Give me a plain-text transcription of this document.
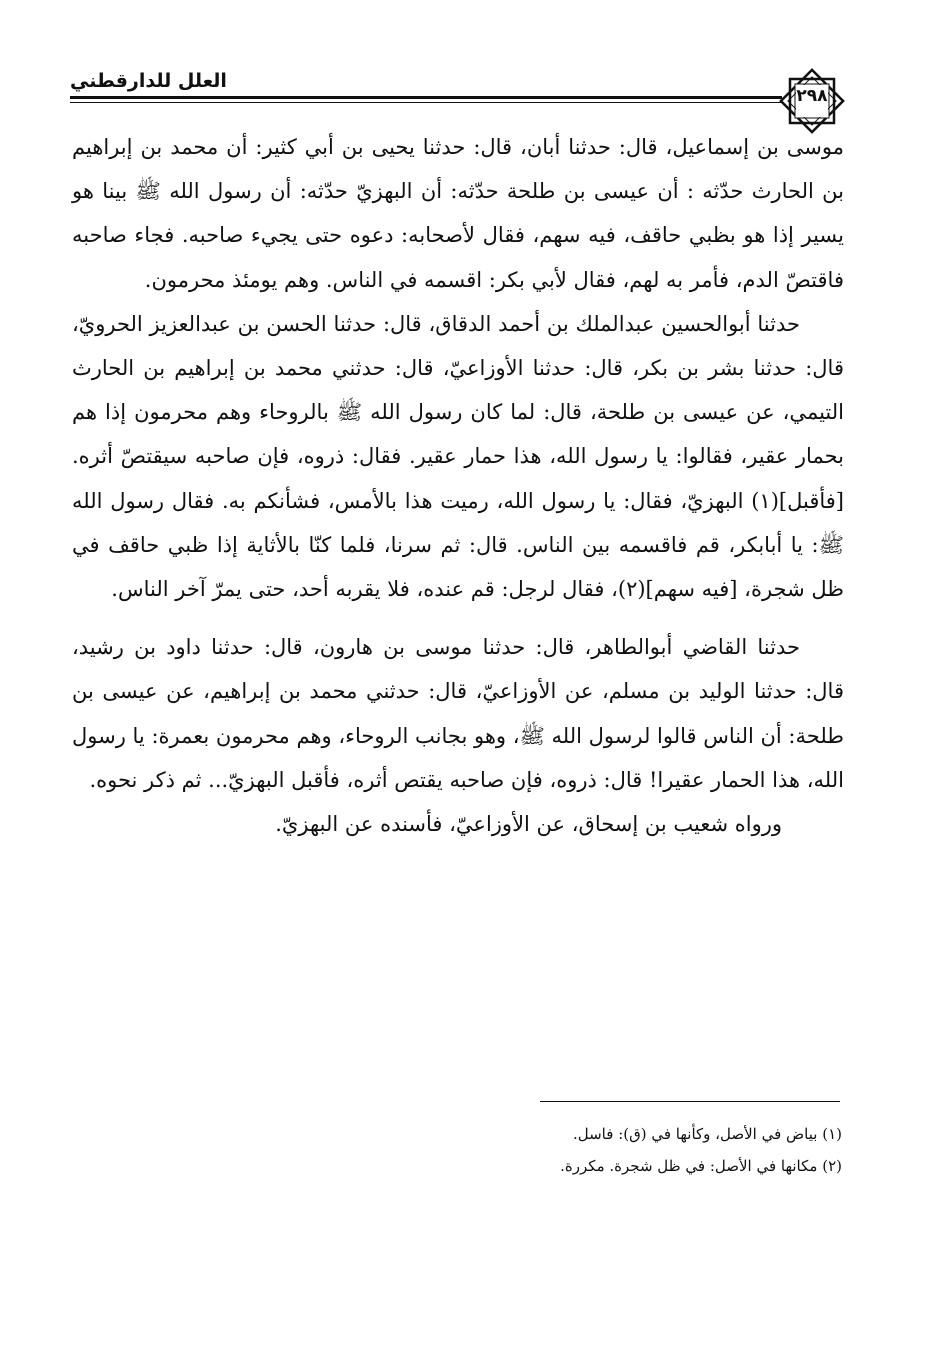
العلل للدارقطني
٢٩٨

موسى بن إسماعيل، قال: حدثنا أبان، قال: حدثنا يحيى بن أبي كثير: أن محمد بن إبراهيم بن الحارث حدّثه : أن عيسى بن طلحة حدّثه: أن البهزيّ حدّثه: أن رسول الله ﷺ بينا هو يسير إذا هو بظبي حاقف، فيه سهم، فقال لأصحابه: دعوه حتى يجيء صاحبه. فجاء صاحبه فاقتصّ الدم، فأمر به لهم، فقال لأبي بكر: اقسمه في الناس. وهم يومئذ محرمون.

حدثنا أبوالحسين عبدالملك بن أحمد الدقاق، قال: حدثنا الحسن بن عبدالعزيز الحرويّ، قال: حدثنا بشر بن بكر، قال: حدثنا الأوزاعيّ، قال: حدثني محمد بن إبراهيم بن الحارث التيمي، عن عيسى بن طلحة، قال: لما كان رسول الله ﷺ بالروحاء وهم محرمون إذا هم بحمار عقير، فقالوا: يا رسول الله، هذا حمار عقير. فقال: ذروه، فإن صاحبه سيقتصّ أثره. [فأقبل](١) البهزيّ، فقال: يا رسول الله، رميت هذا بالأمس، فشأنكم به. فقال رسول الله ﷺ: يا أبابكر، قم فاقسمه بين الناس. قال: ثم سرنا، فلما كنّا بالأثاية إذا ظبي حاقف في ظل شجرة، [فيه سهم](٢)، فقال لرجل: قم عنده، فلا يقربه أحد، حتى يمرّ آخر الناس.

حدثنا القاضي أبوالطاهر، قال: حدثنا موسى بن هارون، قال: حدثنا داود بن رشيد، قال: حدثنا الوليد بن مسلم، عن الأوزاعيّ، قال: حدثني محمد بن إبراهيم، عن عيسى بن طلحة: أن الناس قالوا لرسول الله ﷺ، وهو بجانب الروحاء، وهم محرمون بعمرة: يا رسول الله، هذا الحمار عقيرا! قال: ذروه، فإن صاحبه يقتص أثره، فأقبل البهزيّ... ثم ذكر نحوه.

ورواه شعيب بن إسحاق، عن الأوزاعيّ، فأسنده عن البهزيّ.

(١) بياض في الأصل، وكأنها في (ق): فاسل.

(٢) مكانها في الأصل: في ظل شجرة. مكررة.
